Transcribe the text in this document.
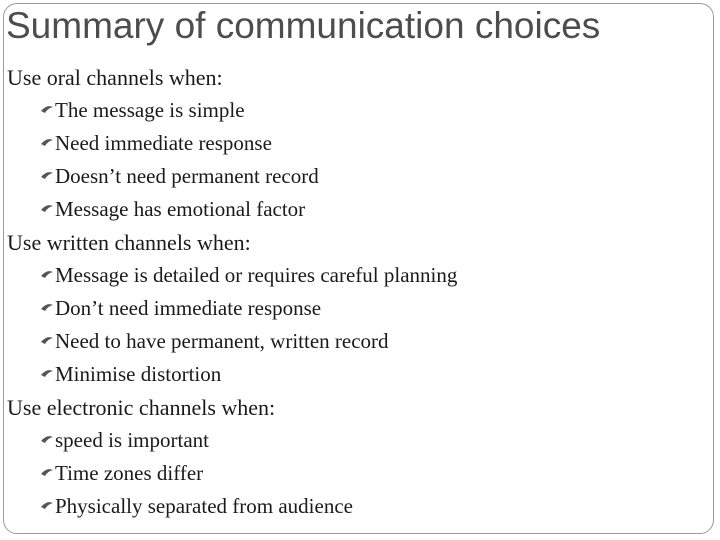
Summary of communication choices
Use oral channels when:
The message is simple
Need immediate response
Doesn’t need permanent record
Message has emotional factor
Use written channels when:
Message is detailed or requires careful planning
Don’t need immediate response
Need to have permanent, written record
Minimise distortion
Use electronic channels when:
speed is important
Time zones differ
Physically separated from audience
